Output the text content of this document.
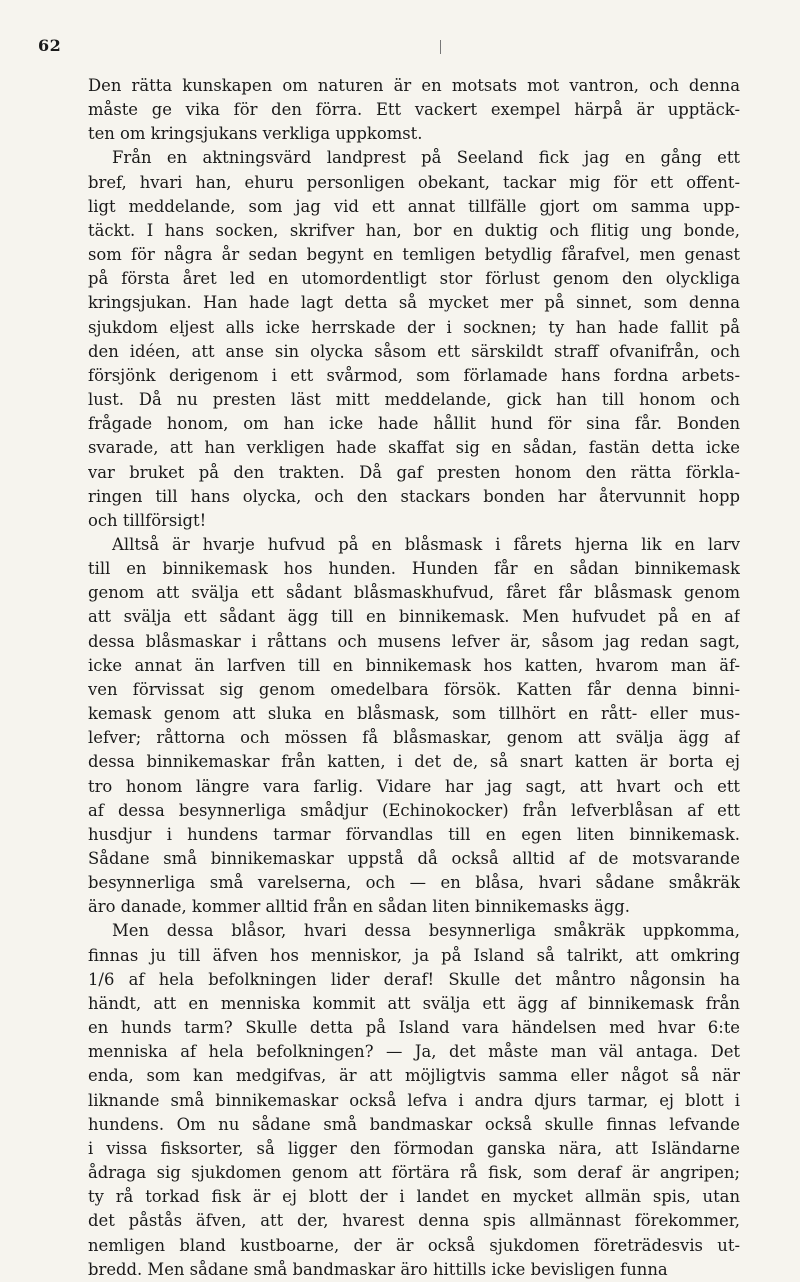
62
Den rätta kunskapen om naturen är en motsats mot vantron, och denna
måste ge vika för den förra. Ett vackert exempel härpå är upptäck-
ten om kringsjukans verkliga uppkomst.
Från en aktningsvärd landprest på Seeland fick jag en gång ett
bref, hvari han, ehuru personligen obekant, tackar mig för ett offent-
ligt meddelande, som jag vid ett annat tillfälle gjort om samma upp-
täckt. I hans socken, skrifver han, bor en duktig och flitig ung bonde,
som för några år sedan begynt en temligen betydlig fårafvel, men genast
på första året led en utomordentligt stor förlust genom den olyckliga
kringsjukan. Han hade lagt detta så mycket mer på sinnet, som denna
sjukdom eljest alls icke herrskade der i socknen; ty han hade fallit på
den idéen, att anse sin olycka såsom ett särskildt straff ofvanifrån, och
försjönk derigenom i ett svårmod, som förlamade hans fordna arbets-
lust. Då nu presten läst mitt meddelande, gick han till honom och
frågade honom, om han icke hade hållit hund för sina får. Bonden
svarade, att han verkligen hade skaffat sig en sådan, fastän detta icke
var bruket på den trakten. Då gaf presten honom den rätta förkla-
ringen till hans olycka, och den stackars bonden har återvunnit hopp
och tillförsigt!
Alltså är hvarje hufvud på en blåsmask i fårets hjerna lik en larv
till en binnikemask hos hunden. Hunden får en sådan binnikemask
genom att svälja ett sådant blåsmaskhufvud, fåret får blåsmask genom
att svälja ett sådant ägg till en binnikemask. Men hufvudet på en af
dessa blåsmaskar i råttans och musens lefver är, såsom jag redan sagt,
icke annat än larfven till en binnikemask hos katten, hvarom man äf-
ven förvissat sig genom omedelbara försök. Katten får denna binni-
kemask genom att sluka en blåsmask, som tillhört en rått- eller mus-
lefver; råttorna och mössen få blåsmaskar, genom att svälja ägg af
dessa binnikemaskar från katten, i det de, så snart katten är borta ej
tro honom längre vara farlig. Vidare har jag sagt, att hvart och ett
af dessa besynnerliga smådjur (Echinokocker) från lefverblåsan af ett
husdjur i hundens tarmar förvandlas till en egen liten binnikemask.
Sådane små binnikemaskar uppstå då också alltid af de motsvarande
besynnerliga små varelserna, och — en blåsa, hvari sådane småkräk
äro danade, kommer alltid från en sådan liten binnikemasks ägg.
Men dessa blåsor, hvari dessa besynnerliga småkräk uppkomma,
finnas ju till äfven hos menniskor, ja på Island så talrikt, att omkring
1/6 af hela befolkningen lider deraf! Skulle det måntro någonsin ha
händt, att en menniska kommit att svälja ett ägg af binnikemask från
en hunds tarm? Skulle detta på Island vara händelsen med hvar 6:te
menniska af hela befolkningen? — Ja, det måste man väl antaga. Det
enda, som kan medgifvas, är att möjligtvis samma eller något så när
liknande små binnikemaskar också lefva i andra djurs tarmar, ej blott i
hundens. Om nu sådane små bandmaskar också skulle finnas lefvande
i vissa fisksorter, så ligger den förmodan ganska nära, att Isländarne
ådraga sig sjukdomen genom att förtära rå fisk, som deraf är angripen;
ty rå torkad fisk är ej blott der i landet en mycket allmän spis, utan
det påstås äfven, att der, hvarest denna spis allmännast förekommer,
nemligen bland kustboarne, der är också sjukdomen företrädesvis ut-
bredd. Men sådane små bandmaskar äro hittills icke bevisligen funna
